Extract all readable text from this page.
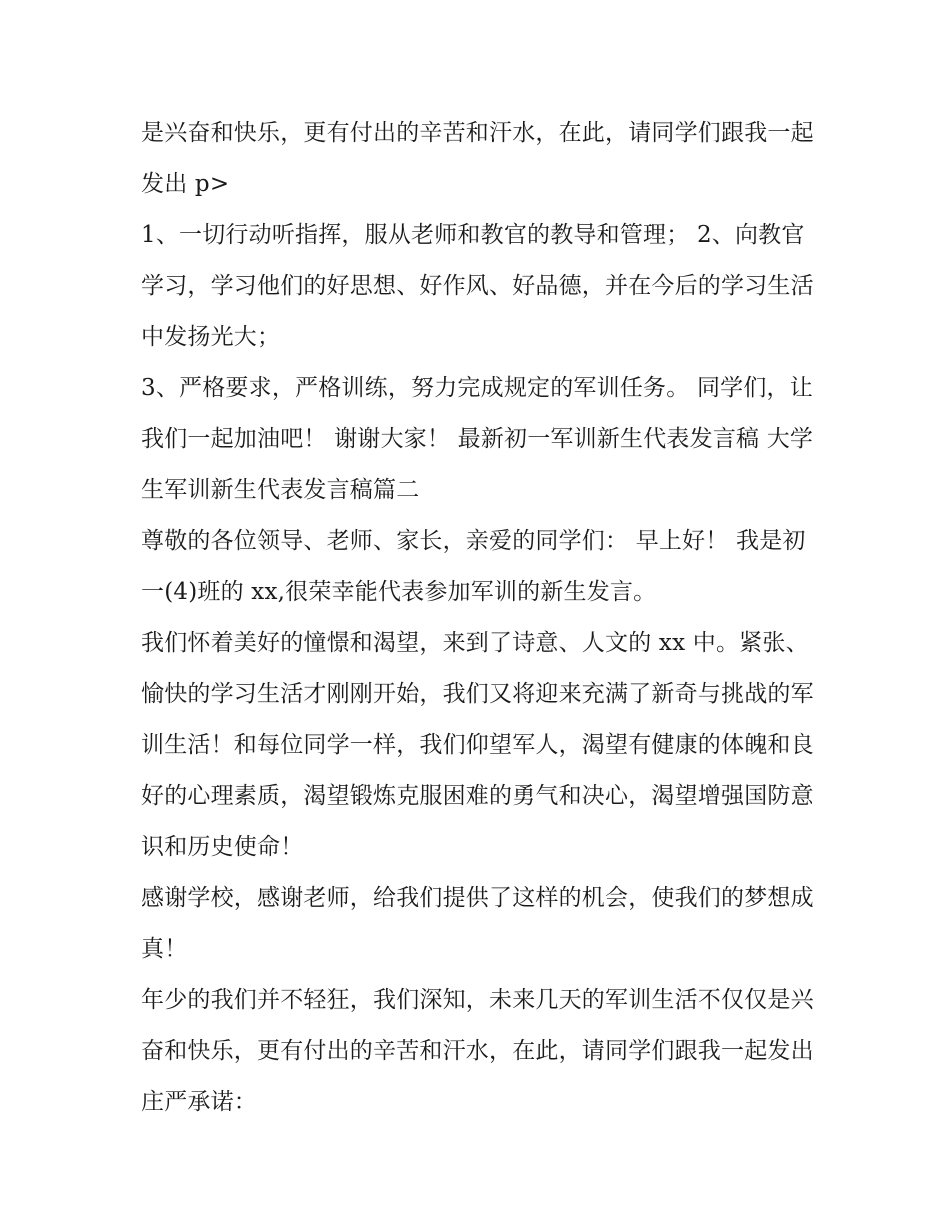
是兴奋和快乐，更有付出的辛苦和汗水，在此，请同学们跟我一起发出 p>

1、一切行动听指挥，服从老师和教官的教导和管理； 2、向教官学习，学习他们的好思想、好作风、好品德，并在今后的学习生活中发扬光大；

3、严格要求，严格训练，努力完成规定的军训任务。 同学们，让我们一起加油吧！ 谢谢大家！ 最新初一军训新生代表发言稿 大学生军训新生代表发言稿篇二

尊敬的各位领导、老师、家长，亲爱的同学们： 早上好！ 我是初一(4)班的 xx,很荣幸能代表参加军训的新生发言。

我们怀着美好的憧憬和渴望，来到了诗意、人文的 xx 中。紧张、愉快的学习生活才刚刚开始，我们又将迎来充满了新奇与挑战的军训生活！和每位同学一样，我们仰望军人，渴望有健康的体魄和良好的心理素质，渴望锻炼克服困难的勇气和决心，渴望增强国防意识和历史使命！

感谢学校，感谢老师，给我们提供了这样的机会，使我们的梦想成真！

年少的我们并不轻狂，我们深知，未来几天的军训生活不仅仅是兴奋和快乐，更有付出的辛苦和汗水，在此，请同学们跟我一起发出庄严承诺：
